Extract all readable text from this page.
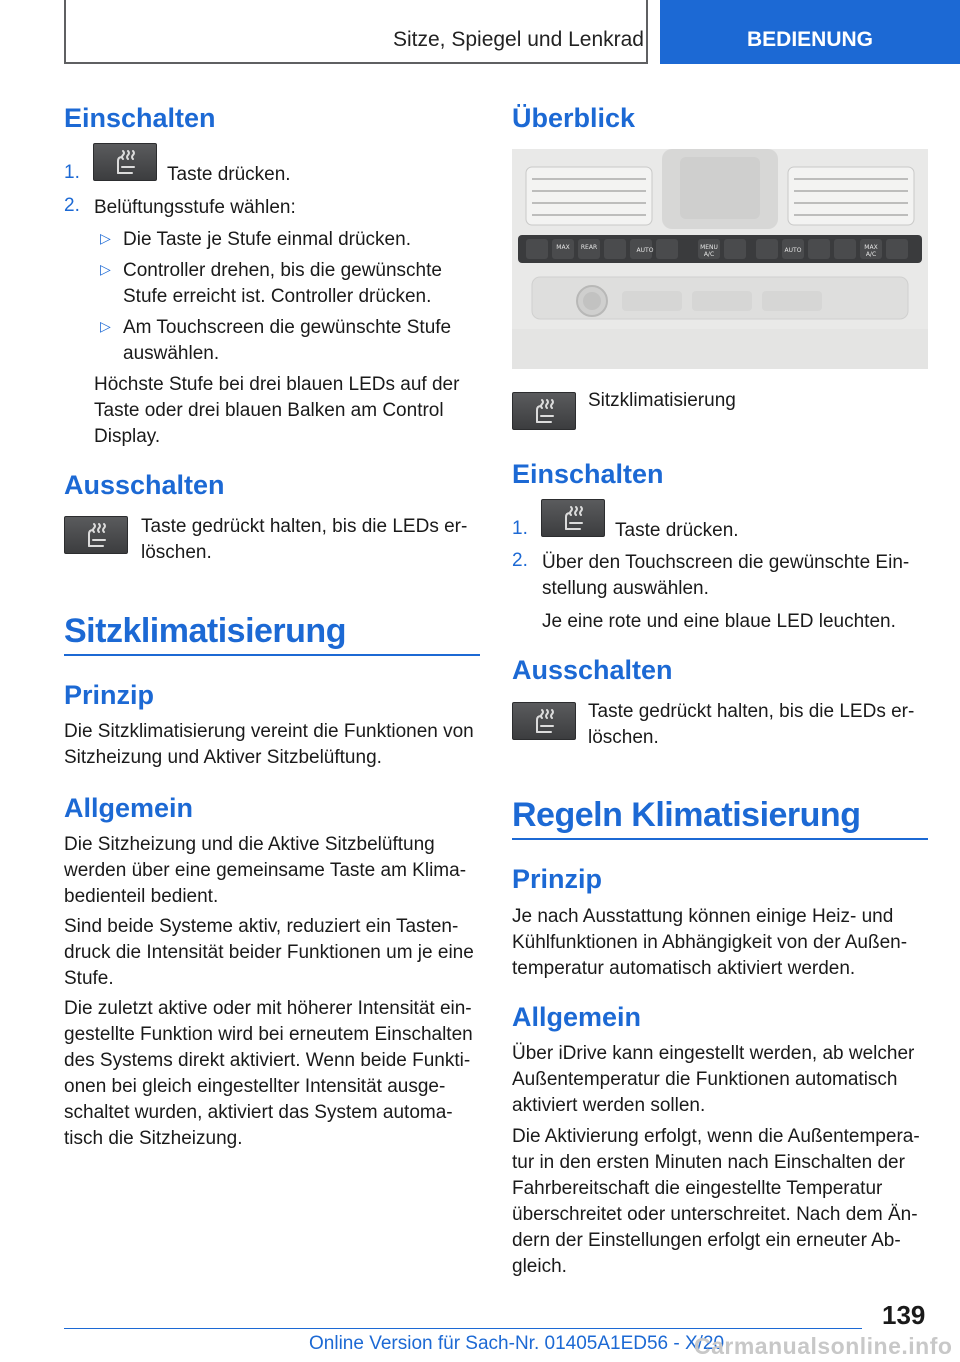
Sitze, Spiegel und Lenkrad	BEDIENUNG
Einschalten
1.	Taste drücken.
2. Belüftungsstufe wählen:
▷ Die Taste je Stufe einmal drücken.
▷ Controller drehen, bis die gewünschte
Stufe erreicht ist. Controller drücken.
▷ Am Touchscreen die gewünschte Stufe
auswählen.
Höchste Stufe bei drei blauen LEDs auf der
Taste oder drei blauen Balken am Control
Display.
Ausschalten
Taste gedrückt halten, bis die LEDs er-
löschen.
Sitzklimatisierung
Prinzip
Die Sitzklimatisierung vereint die Funktionen von
Sitzheizung und Aktiver Sitzbelüftung.
Allgemein
Die Sitzheizung und die Aktive Sitzbelüftung
werden über eine gemeinsame Taste am Klima-
bedienteil bedient.
Sind beide Systeme aktiv, reduziert ein Tasten-
druck die Intensität beider Funktionen um je eine
Stufe.
Die zuletzt aktive oder mit höherer Intensität ein-
gestellte Funktion wird bei erneutem Einschalten
des Systems direkt aktiviert. Wenn beide Funkti-
onen bei gleich eingestellter Intensität ausge-
schaltet wurden, aktiviert das System automa-
tisch die Sitzheizung.
Überblick
MAX REAR	AUTO	MENU
A/C
AUTO	MAX
A/C
Sitzklimatisierung
Einschalten
1.	Taste drücken.
2. Über den Touchscreen die gewünschte Ein-
stellung auswählen.
Je eine rote und eine blaue LED leuchten.
Ausschalten
Taste gedrückt halten, bis die LEDs er-
löschen.
Regeln Klimatisierung
Prinzip
Je nach Ausstattung können einige Heiz- und
Kühlfunktionen in Abhängigkeit von der Außen-
temperatur automatisch aktiviert werden.
Allgemein
Über iDrive kann eingestellt werden, ab welcher
Außentemperatur die Funktionen automatisch
aktiviert werden sollen.
Die Aktivierung erfolgt, wenn die Außentempera-
tur in den ersten Minuten nach Einschalten der
Fahrbereitschaft die eingestellte Temperatur
überschreitet oder unterschreitet. Nach dem Än-
dern der Einstellungen erfolgt ein erneuter Ab-
gleich.
139
Online Version für Sach-Nr. 01405A1ED56 - X/20
Carmanualsonline.info
